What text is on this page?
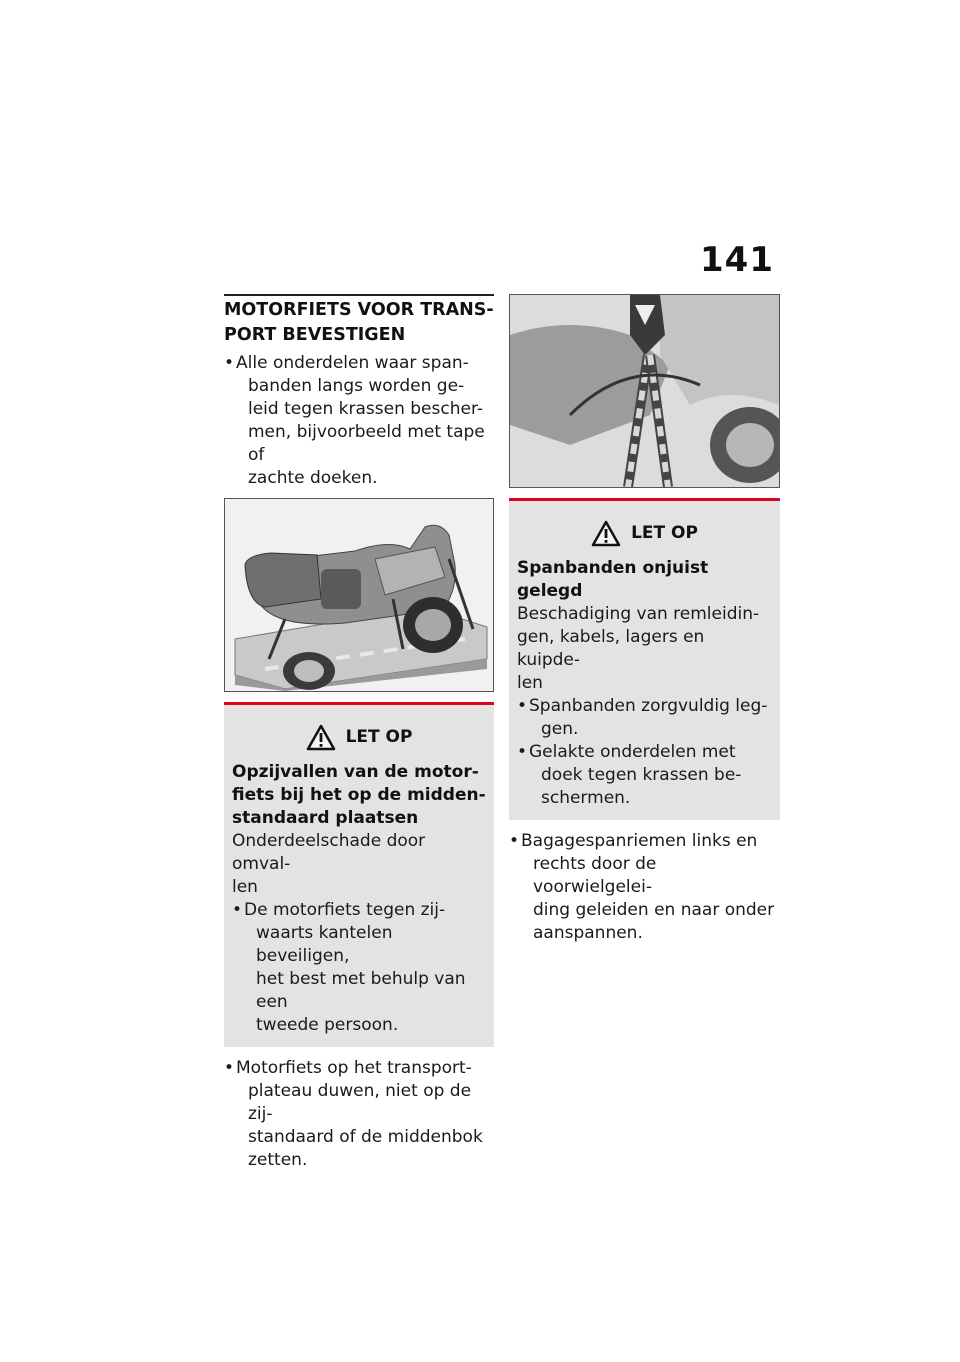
141
MOTORFIETS VOOR TRANS-
PORT BEVESTIGEN
• Alle onderdelen waar span-
banden langs worden ge-
leid tegen krassen bescher-
men, bijvoorbeeld met tape of
zachte doeken.
LET OP
Opzijvallen van de motor-
fiets bij het op de midden-
standaard plaatsen
Onderdeelschade door omval-
len
• De motorfiets tegen zij-
waarts kantelen beveiligen,
het best met behulp van een
tweede persoon.
• Motorfiets op het transport-
plateau duwen, niet op de zij-
standaard of de middenbok
zetten.
LET OP
Spanbanden onjuist gelegd
Beschadiging van remleidin-
gen, kabels, lagers en kuipde-
len
• Spanbanden zorgvuldig leg-
gen.
• Gelakte onderdelen met
doek tegen krassen be-
schermen.
• Bagagespanriemen links en
rechts door de voorwielgelei-
ding geleiden en naar onder
aanspannen.
